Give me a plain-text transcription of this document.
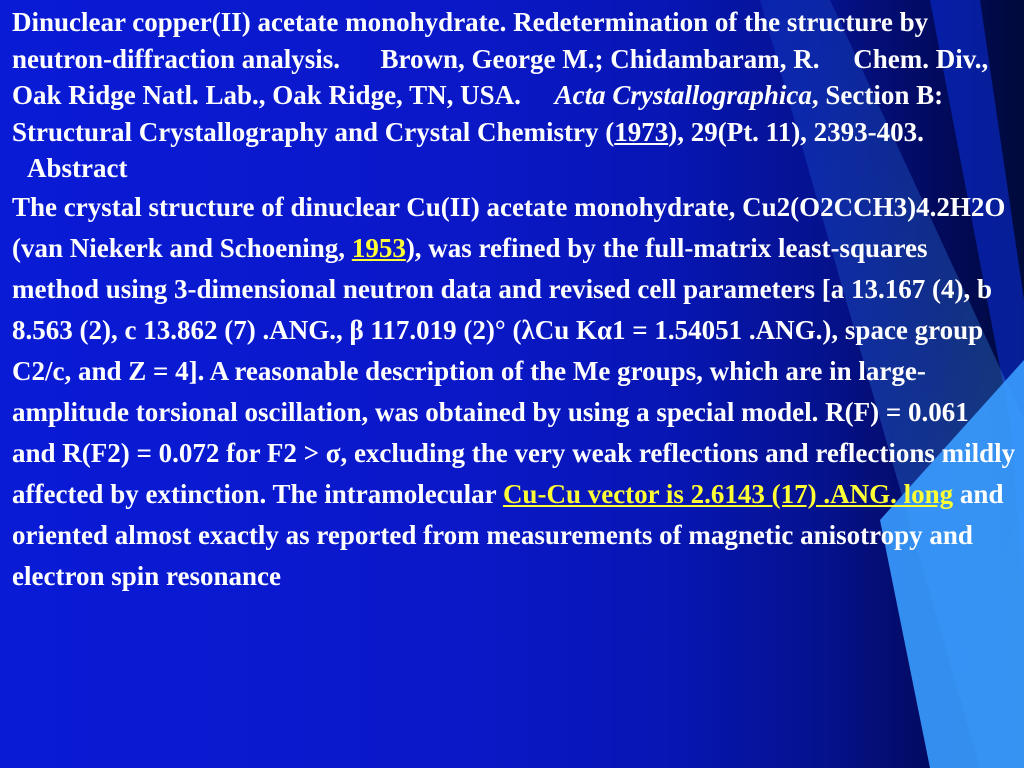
Dinuclear copper(II) acetate monohydrate. Redetermination of the structure by neutron-diffraction analysis. Brown, George M.; Chidambaram, R. Chem. Div., Oak Ridge Natl. Lab., Oak Ridge, TN, USA. Acta Crystallographica, Section B: Structural Crystallography and Crystal Chemistry (1973), 29(Pt. 11), 2393-403.

Abstract

The crystal structure of dinuclear Cu(II) acetate monohydrate, Cu2(O2CCH3)4.2H2O (van Niekerk and Schoening, 1953), was refined by the full-matrix least-squares method using 3-dimensional neutron data and revised cell parameters [a 13.167 (4), b 8.563 (2), c 13.862 (7) .ANG., β 117.019 (2)° (λCu Kα1 = 1.54051 .ANG.), space group C2/c, and Z = 4]. A reasonable description of the Me groups, which are in large-amplitude torsional oscillation, was obtained by using a special model. R(F) = 0.061 and R(F2) = 0.072 for F2 > σ, excluding the very weak reflections and reflections mildly affected by extinction. The intramolecular Cu-Cu vector is 2.6143 (17) .ANG. long and oriented almost exactly as reported from measurements of magnetic anisotropy and electron spin resonance
